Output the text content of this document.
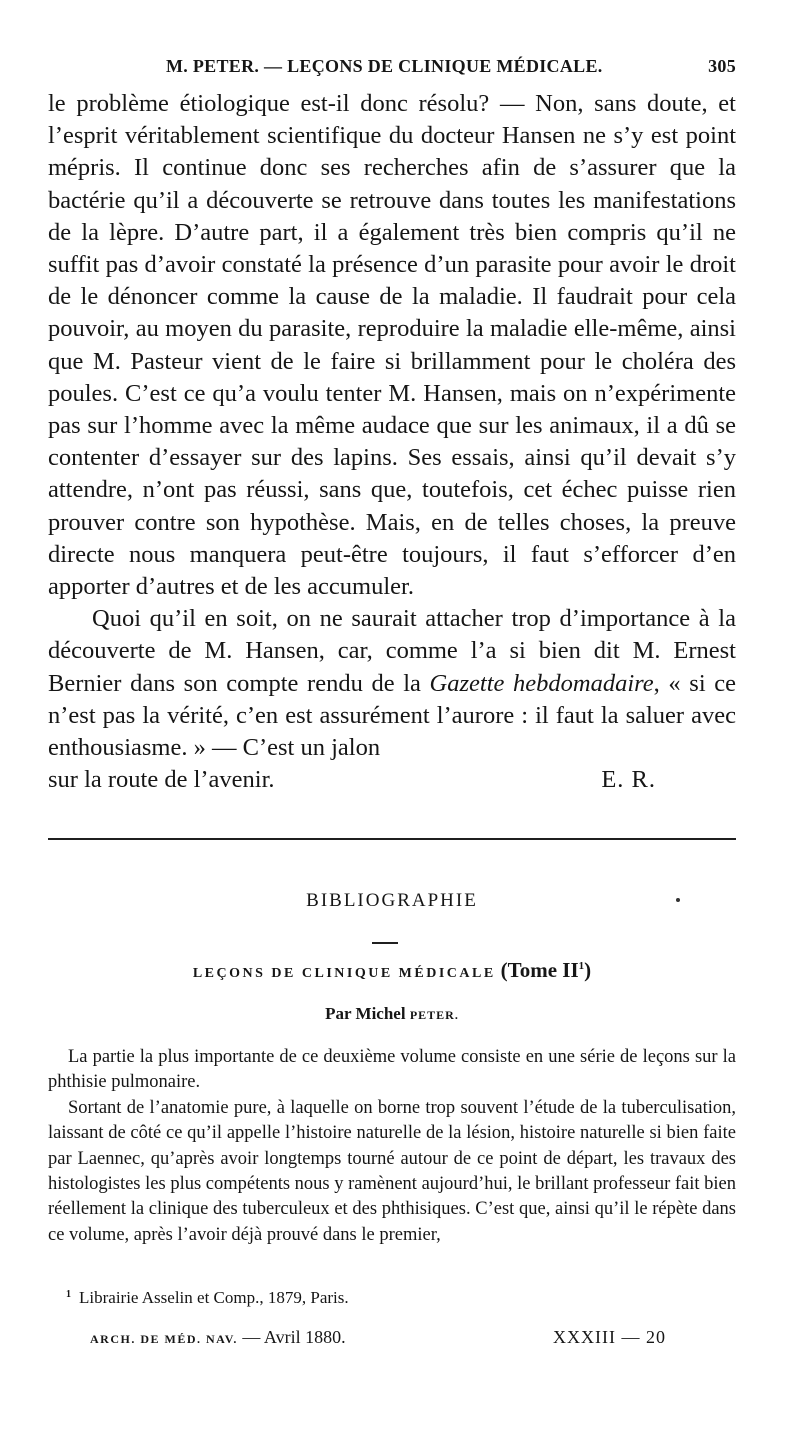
M. PETER. — LEÇONS DE CLINIQUE MÉDICALE.	305

le problème étiologique est-il donc résolu? — Non, sans doute, et l’esprit véritablement scientifique du docteur Hansen ne s’y est point mépris. Il continue donc ses recherches afin de s’assurer que la bactérie qu’il a découverte se retrouve dans toutes les manifestations de la lèpre. D’autre part, il a également très bien compris qu’il ne suffit pas d’avoir constaté la présence d’un parasite pour avoir le droit de le dénoncer comme la cause de la maladie. Il faudrait pour cela pouvoir, au moyen du parasite, reproduire la maladie elle-même, ainsi que M. Pasteur vient de le faire si brillamment pour le choléra des poules. C’est ce qu’a voulu tenter M. Hansen, mais on n’expérimente pas sur l’homme avec la même audace que sur les animaux, il a dû se contenter d’essayer sur des lapins. Ses essais, ainsi qu’il devait s’y attendre, n’ont pas réussi, sans que, toutefois, cet échec puisse rien prouver contre son hypothèse. Mais, en de telles choses, la preuve directe nous manquera peut-être toujours, il faut s’efforcer d’en apporter d’autres et de les accumuler.

Quoi qu’il en soit, on ne saurait attacher trop d’importance à la découverte de M. Hansen, car, comme l’a si bien dit M. Ernest Bernier dans son compte rendu de la Gazette hebdomadaire, « si ce n’est pas la vérité, c’en est assurément l’aurore : il faut la saluer avec enthousiasme. » — C’est un jalon

sur la route de l’avenir.	E. R.
BIBLIOGRAPHIE
LEÇONS DE CLINIQUE MÉDICALE (Tome $II^1$)
Par Michel PETER.

La partie la plus importante de ce deuxième volume consiste en une série de leçons sur la phthisie pulmonaire.

Sortant de l’anatomie pure, à laquelle on borne trop souvent l’étude de la tuberculisation, laissant de côté ce qu’il appelle l’histoire naturelle de la lésion, histoire naturelle si bien faite par Laennec, qu’après avoir longtemps tourné autour de ce point de départ, les travaux des histologistes les plus compétents nous y ramènent aujourd’hui, le brillant professeur fait bien réellement la clinique des tuberculeux et des phthisiques. C’est que, ainsi qu’il le répète dans ce volume, après l’avoir déjà prouvé dans le premier,

$^1$ Librairie Asselin et Comp., 1879, Paris.
ARCH. DE MÉD. NAV. — Avril 1880.	XXXIII — 20
